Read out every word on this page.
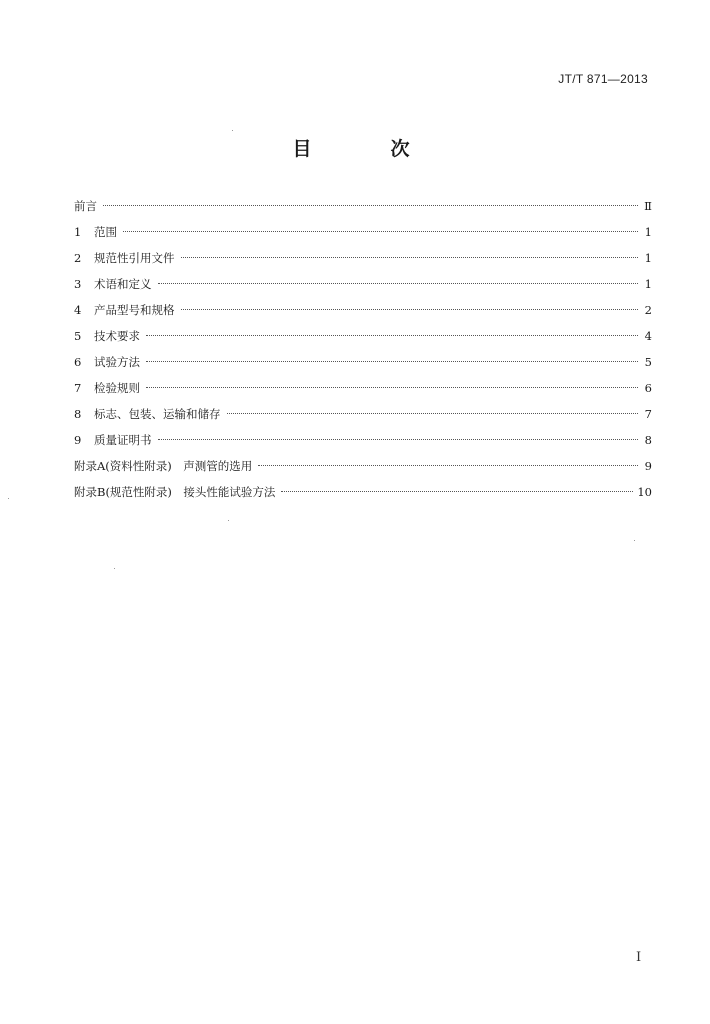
JT/T 871—2013
目　次
前言	Ⅱ
1	范围	1
2	规范性引用文件	1
3	术语和定义	1
4	产品型号和规格	2
5	技术要求	4
6	试验方法	5
7	检验规则	6
8	标志、包装、运输和储存	7
9	质量证明书	8
附录A(资料性附录)　声测管的选用	9
附录B(规范性附录)　接头性能试验方法	10
Ⅰ
